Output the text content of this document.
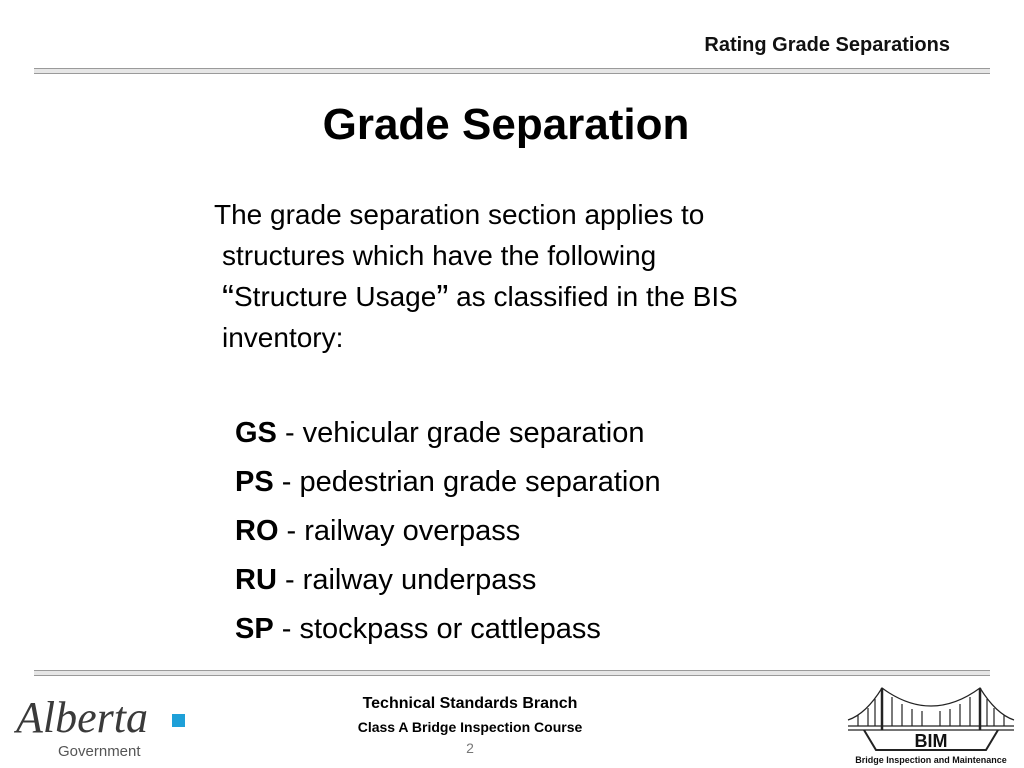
Rating Grade Separations
Grade Separation
The grade separation section applies to
structures which have the following
“Structure Usage” as classified in the BIS
inventory:
GS - vehicular grade separation
PS - pedestrian grade separation
RO - railway overpass
RU - railway underpass
SP - stockpass or cattlepass
Alberta
Government
Technical Standards Branch
Class A Bridge Inspection Course
2	BIM
Bridge Inspection and Maintenance
